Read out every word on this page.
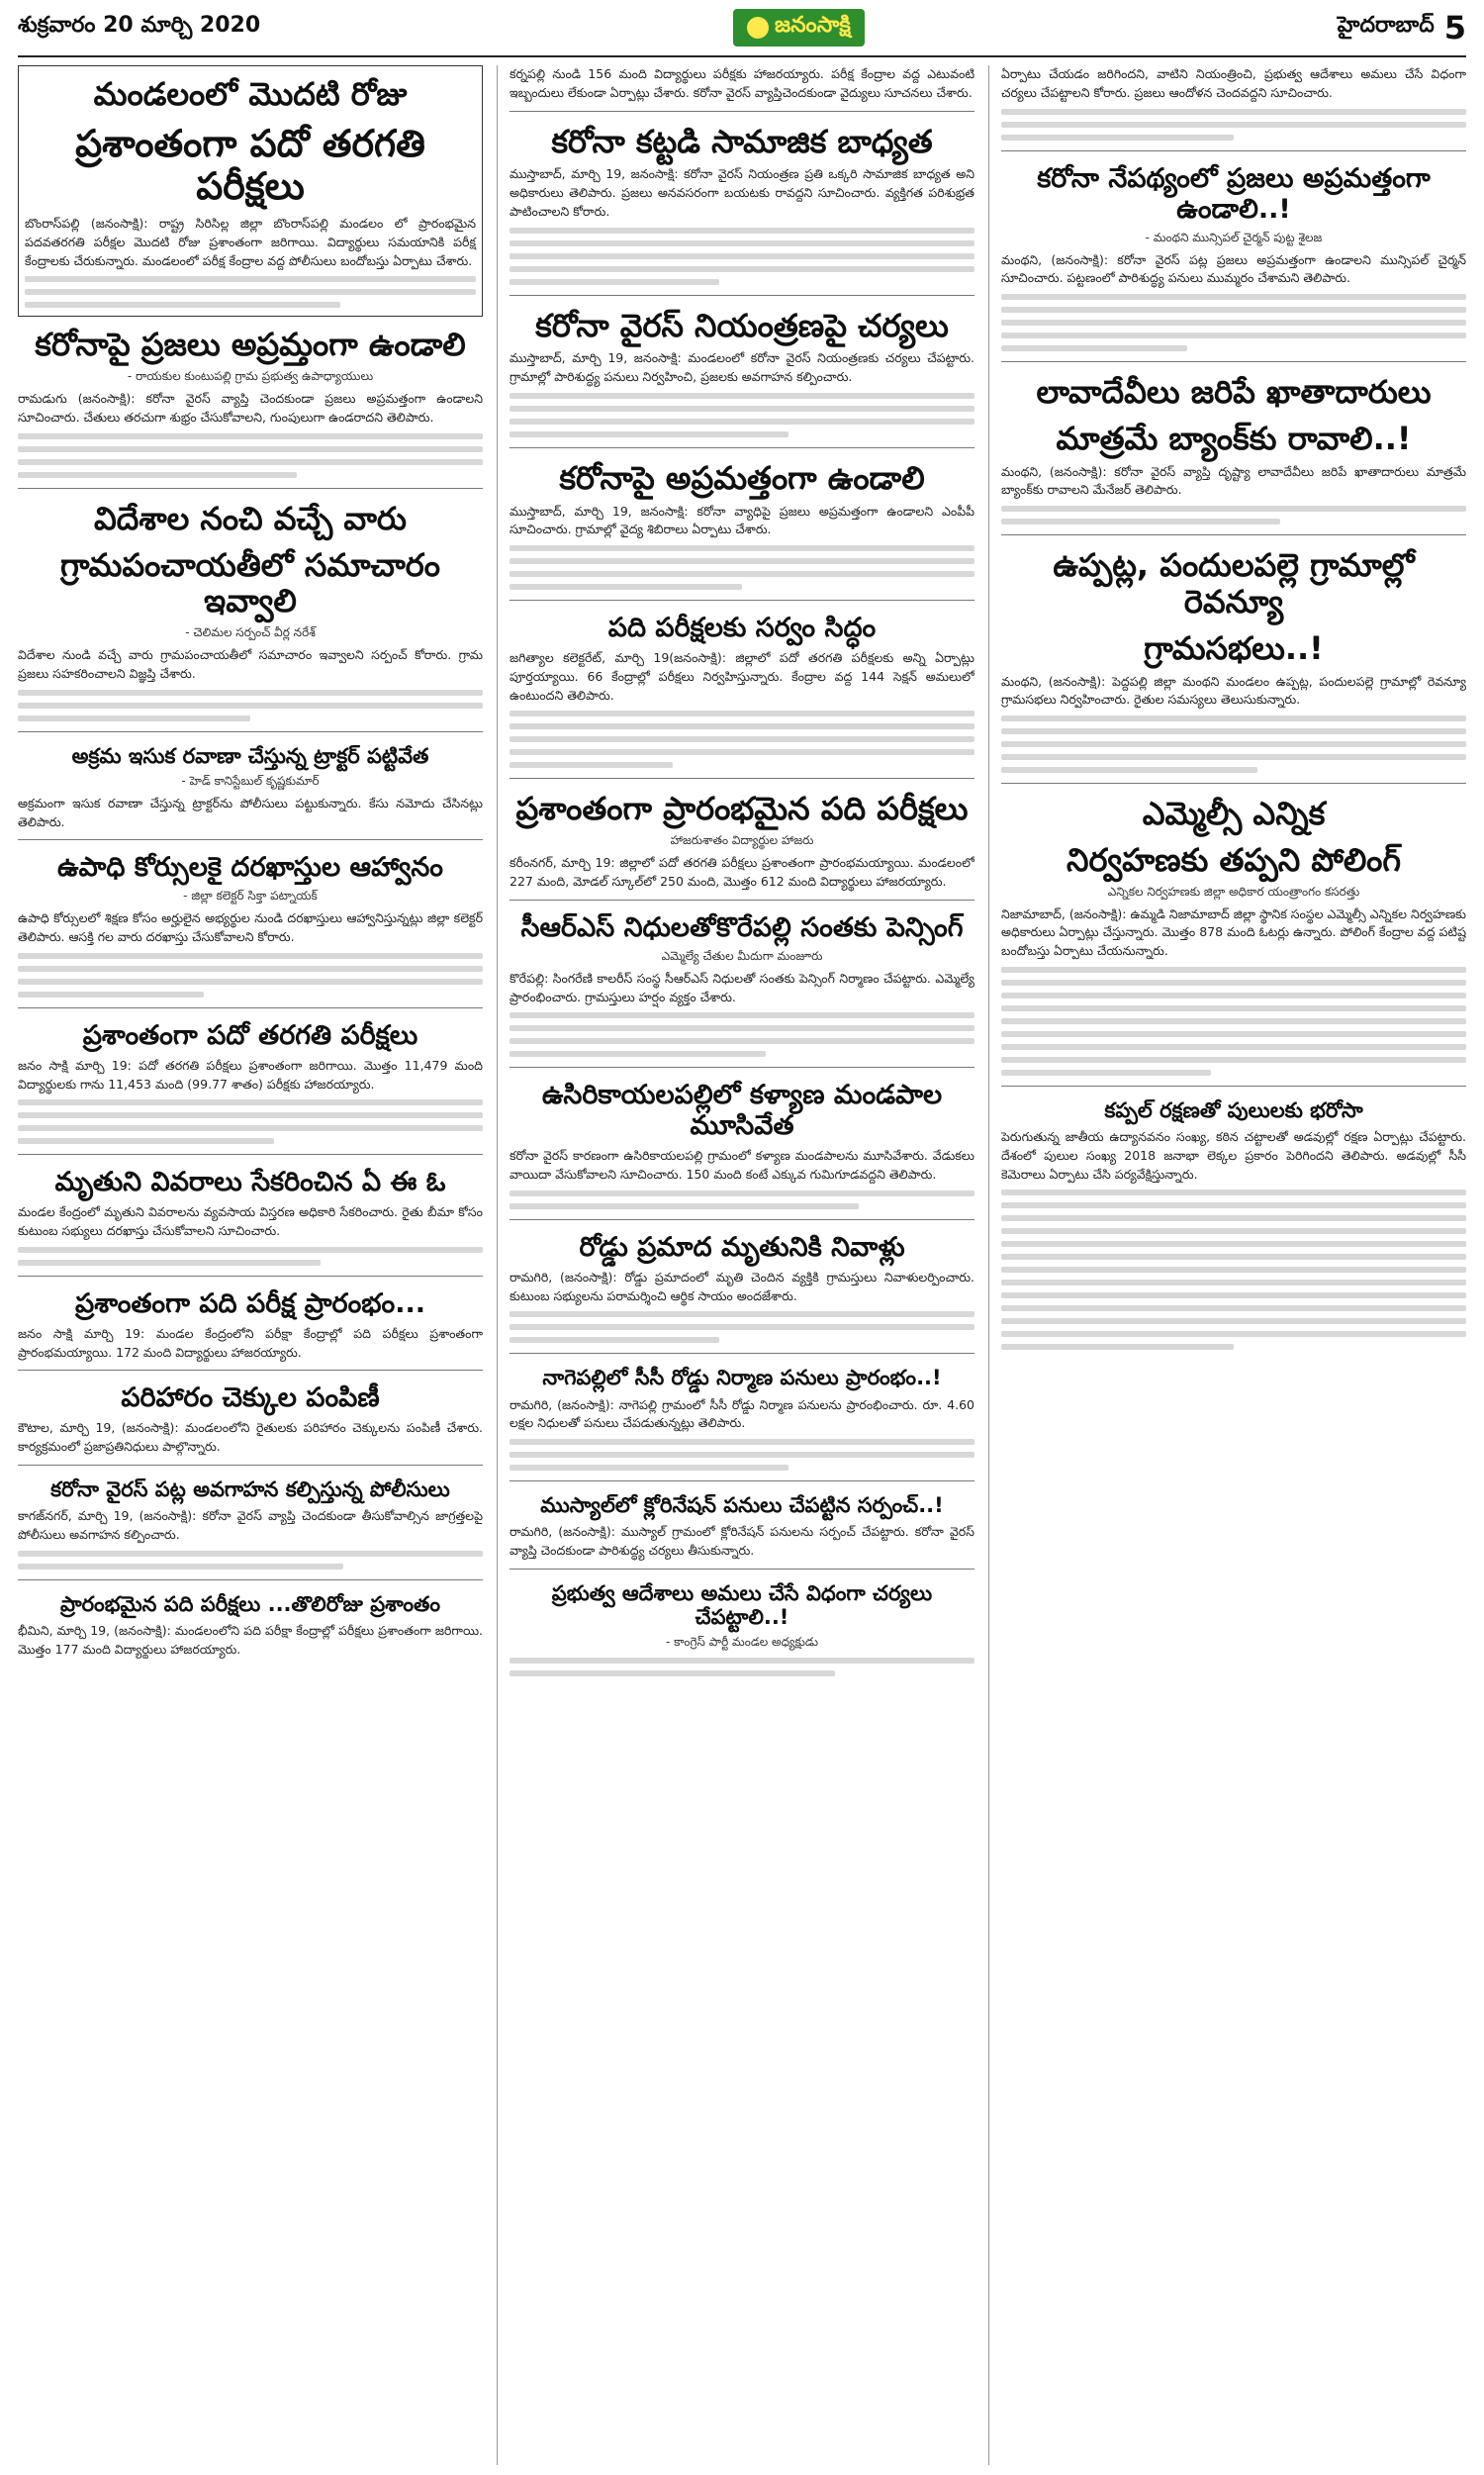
శుక్రవారం 20 మార్చి 2020	జనంసాక్షి	హైదరాబాద్ 5
మండలంలో మొదటి రోజు
ప్రశాంతంగా పదో తరగతి పరీక్షలు
బొంరాస్‌పల్లి (జనంసాక్షి): రాష్ట్ర సిరిసిల్ల జిల్లా బొంరాస్‌పల్లి మండలం లో ప్రారంభమైన పదవతరగతి పరీక్షల మొదటి రోజు ప్రశాంతంగా జరిగాయి. విద్యార్థులు సమయానికి పరీక్ష కేంద్రాలకు చేరుకున్నారు. మండలంలో పరీక్ష కేంద్రాల వద్ద పోలీసులు బందోబస్తు ఏర్పాటు చేశారు.
కరోనాపై ప్రజలు అప్రమ్తంగా ఉండాలి
- రాయకుల కుంటుపల్లి గ్రామ ప్రభుత్వ ఉపాధ్యాయులు
రామడుగు (జనంసాక్షి): కరోనా వైరస్ వ్యాప్తి చెందకుండా ప్రజలు అప్రమత్తంగా ఉండాలని సూచించారు. చేతులు తరచుగా శుభ్రం చేసుకోవాలని, గుంపులుగా ఉండరాదని తెలిపారు.
విదేశాల నంచి వచ్చే వారు
గ్రామపంచాయతీలో సమాచారం ఇవ్వాలి
- చెలిమల సర్పంచ్ వీర్ల నరేశ్
విదేశాల నుండి వచ్చే వారు గ్రామపంచాయతీలో సమాచారం ఇవ్వాలని సర్పంచ్ కోరారు. గ్రామ ప్రజలు సహకరించాలని విజ్ఞప్తి చేశారు.
అక్రమ ఇసుక రవాణా చేస్తున్న ట్రాక్టర్ పట్టివేత
- హెడ్ కానిస్టేబుల్ కృష్ణకుమార్
అక్రమంగా ఇసుక రవాణా చేస్తున్న ట్రాక్టర్‌ను పోలీసులు పట్టుకున్నారు. కేసు నమోదు చేసినట్లు తెలిపారు.
ఉపాధి కోర్సులకై దరఖాస్తుల ఆహ్వానం
- జిల్లా కలెక్టర్ సిక్తా పట్నాయక్
ఉపాధి కోర్సులలో శిక్షణ కోసం అర్హులైన అభ్యర్థుల నుండి దరఖాస్తులు ఆహ్వానిస్తున్నట్లు జిల్లా కలెక్టర్ తెలిపారు. ఆసక్తి గల వారు దరఖాస్తు చేసుకోవాలని కోరారు.
ప్రశాంతంగా పదో తరగతి పరీక్షలు
జనం సాక్షి మార్చి 19: పదో తరగతి పరీక్షలు ప్రశాంతంగా జరిగాయి. మొత్తం 11,479 మంది విద్యార్థులకు గాను 11,453 మంది (99.77 శాతం) పరీక్షకు హాజరయ్యారు.
మృతుని వివరాలు సేకరించిన ఏ ఈ ఓ
మండల కేంద్రంలో మృతుని వివరాలను వ్యవసాయ విస్తరణ అధికారి సేకరించారు. రైతు బీమా కోసం కుటుంబ సభ్యులు దరఖాస్తు చేసుకోవాలని సూచించారు.
ప్రశాంతంగా పది పరీక్ష ప్రారంభం...
జనం సాక్షి మార్చి 19: మండల కేంద్రంలోని పరీక్షా కేంద్రాల్లో పది పరీక్షలు ప్రశాంతంగా ప్రారంభమయ్యాయి. 172 మంది విద్యార్థులు హాజరయ్యారు.
పరిహారం చెక్కుల పంపిణీ
కౌటాల, మార్చి 19, (జనంసాక్షి): మండలంలోని రైతులకు పరిహారం చెక్కులను పంపిణీ చేశారు. కార్యక్రమంలో ప్రజాప్రతినిధులు పాల్గొన్నారు.
కరోనా వైరస్ పట్ల అవగాహన కల్పిస్తున్న పోలీసులు
కాగజ్‌నగర్, మార్చి 19, (జనంసాక్షి): కరోనా వైరస్ వ్యాప్తి చెందకుండా తీసుకోవాల్సిన జాగ్రత్తలపై పోలీసులు అవగాహన కల్పించారు.
ప్రారంభమైన పది పరీక్షలు ...తొలిరోజు ప్రశాంతం
భీమిని, మార్చి 19, (జనంసాక్షి): మండలంలోని పది పరీక్షా కేంద్రాల్లో పరీక్షలు ప్రశాంతంగా జరిగాయి. మొత్తం 177 మంది విద్యార్థులు హాజరయ్యారు.
కర్నపల్లి నుండి 156 మంది విద్యార్థులు పరీక్షకు హాజరయ్యారు. పరీక్ష కేంద్రాల వద్ద ఎటువంటి ఇబ్బందులు లేకుండా ఏర్పాట్లు చేశారు. కరోనా వైరస్ వ్యాప్తిచెందకుండా వైద్యులు సూచనలు చేశారు.
కరోనా కట్టడి సామాజిక బాధ్యత
ముస్తాబాద్, మార్చి 19, జనంసాక్షి: కరోనా వైరస్ నియంత్రణ ప్రతి ఒక్కరి సామాజిక బాధ్యత అని అధికారులు తెలిపారు. ప్రజలు అనవసరంగా బయటకు రావద్దని సూచించారు. వ్యక్తిగత పరిశుభ్రత పాటించాలని కోరారు.
కరోనా వైరస్ నియంత్రణపై చర్యలు
ముస్తాబాద్, మార్చి 19, జనంసాక్షి: మండలంలో కరోనా వైరస్ నియంత్రణకు చర్యలు చేపట్టారు. గ్రామాల్లో పారిశుద్ధ్య పనులు నిర్వహించి, ప్రజలకు అవగాహన కల్పించారు.
కరోనాపై అప్రమత్తంగా ఉండాలి
ముస్తాబాద్, మార్చి 19, జనంసాక్షి: కరోనా వ్యాధిపై ప్రజలు అప్రమత్తంగా ఉండాలని ఎంపీపీ సూచించారు. గ్రామాల్లో వైద్య శిబిరాలు ఏర్పాటు చేశారు.
పది పరీక్షలకు సర్వం సిద్ధం
జగిత్యాల కలెక్టరేట్, మార్చి 19(జనంసాక్షి): జిల్లాలో పదో తరగతి పరీక్షలకు అన్ని ఏర్పాట్లు పూర్తయ్యాయి. 66 కేంద్రాల్లో పరీక్షలు నిర్వహిస్తున్నారు. కేంద్రాల వద్ద 144 సెక్షన్ అమలులో ఉంటుందని తెలిపారు.
ప్రశాంతంగా ప్రారంభమైన పది పరీక్షలు
హాజరుశాతం విద్యార్థుల హాజరు
కరీంనగర్, మార్చి 19: జిల్లాలో పదో తరగతి పరీక్షలు ప్రశాంతంగా ప్రారంభమయ్యాయి. మండలంలో 227 మంది, మోడల్ స్కూల్‌లో 250 మంది, మొత్తం 612 మంది విద్యార్థులు హాజరయ్యారు.
సీఆర్ఎస్ నిధులతోకొరేపల్లి సంతకు పెన్సింగ్
ఎమ్మెల్యే చేతుల మీదుగా మంజూరు
కొరేపల్లి: సింగరేణి కాలరీస్ సంస్థ సీఆర్ఎస్ నిధులతో సంతకు పెన్సింగ్ నిర్మాణం చేపట్టారు. ఎమ్మెల్యే ప్రారంభించారు. గ్రామస్తులు హర్షం వ్యక్తం చేశారు.
ఉసిరికాయలపల్లిలో కళ్యాణ మండపాల మూసివేత
కరోనా వైరస్ కారణంగా ఉసిరికాయలపల్లి గ్రామంలో కళ్యాణ మండపాలను మూసివేశారు. వేడుకలు వాయిదా వేసుకోవాలని సూచించారు. 150 మంది కంటే ఎక్కువ గుమిగూడవద్దని తెలిపారు.
రోడ్డు ప్రమాద మృతునికి నివాళ్లు
రామగిరి, (జనంసాక్షి): రోడ్డు ప్రమాదంలో మృతి చెందిన వ్యక్తికి గ్రామస్తులు నివాళులర్పించారు. కుటుంబ సభ్యులను పరామర్శించి ఆర్థిక సాయం అందజేశారు.
నాగెపల్లిలో సీసీ రోడ్డు నిర్మాణ పనులు ప్రారంభం..!
రామగిరి, (జనంసాక్షి): నాగెపల్లి గ్రామంలో సీసీ రోడ్డు నిర్మాణ పనులను ప్రారంభించారు. రూ. 4.60 లక్షల నిధులతో పనులు చేపడుతున్నట్లు తెలిపారు.
ముస్యాల్‌లో క్లోరినేషన్ పనులు చేపట్టిన సర్పంచ్..!
రామగిరి, (జనంసాక్షి): ముస్యాల్ గ్రామంలో క్లోరినేషన్ పనులను సర్పంచ్ చేపట్టారు. కరోనా వైరస్ వ్యాప్తి చెందకుండా పారిశుద్ధ్య చర్యలు తీసుకున్నారు.
ప్రభుత్వ ఆదేశాలు అమలు చేసే విధంగా చర్యలు చేపట్టాలి..!
- కాంగ్రెస్ పార్టీ మండల అధ్యక్షుడు
ఏర్పాటు చేయడం జరిగిందని, వాటిని నియంత్రించి, ప్రభుత్వ ఆదేశాలు అమలు చేసే విధంగా చర్యలు చేపట్టాలని కోరారు. ప్రజలు ఆందోళన చెందవద్దని సూచించారు.
కరోనా నేపథ్యంలో ప్రజలు అప్రమత్తంగా ఉండాలి..!
- మంథని మున్సిపల్ చైర్మన్ పుట్ట శైలజ
మంథని, (జనంసాక్షి): కరోనా వైరస్ పట్ల ప్రజలు అప్రమత్తంగా ఉండాలని మున్సిపల్ చైర్మన్ సూచించారు. పట్టణంలో పారిశుద్ధ్య పనులు ముమ్మరం చేశామని తెలిపారు.
లావాదేవీలు జరిపే ఖాతాదారులు
మాత్రమే బ్యాంక్‌కు రావాలి..!
మంథని, (జనంసాక్షి): కరోనా వైరస్ వ్యాప్తి దృష్ట్యా లావాదేవీలు జరిపే ఖాతాదారులు మాత్రమే బ్యాంక్‌కు రావాలని మేనేజర్ తెలిపారు.
ఉప్పట్ల, పందులపల్లె గ్రామాల్లో రెవన్యూ
గ్రామసభలు..!
మంథని, (జనంసాక్షి): పెద్దపల్లి జిల్లా మంథని మండలం ఉప్పట్ల, పందులపల్లె గ్రామాల్లో రెవన్యూ గ్రామసభలు నిర్వహించారు. రైతుల సమస్యలు తెలుసుకున్నారు.
ఎమ్మెల్సీ ఎన్నిక
నిర్వహణకు తప్పని పోలింగ్
ఎన్నికల నిర్వహణకు జిల్లా అధికార యంత్రాంగం కసరత్తు
నిజామాబాద్, (జనంసాక్షి): ఉమ్మడి నిజామాబాద్ జిల్లా స్థానిక సంస్థల ఎమ్మెల్సీ ఎన్నికల నిర్వహణకు అధికారులు ఏర్పాట్లు చేస్తున్నారు. మొత్తం 878 మంది ఓటర్లు ఉన్నారు. పోలింగ్ కేంద్రాల వద్ద పటిష్ట బందోబస్తు ఏర్పాటు చేయనున్నారు.
కప్పల్ రక్షణతో పులులకు భరోసా
పెరుగుతున్న జాతీయ ఉద్యానవనం సంఖ్య, కఠిన చట్టాలతో అడవుల్లో రక్షణ ఏర్పాట్లు చేపట్టారు. దేశంలో పులుల సంఖ్య 2018 జనాభా లెక్కల ప్రకారం పెరిగిందని తెలిపారు. అడవుల్లో సీసీ కెమెరాలు ఏర్పాటు చేసి పర్యవేక్షిస్తున్నారు.
